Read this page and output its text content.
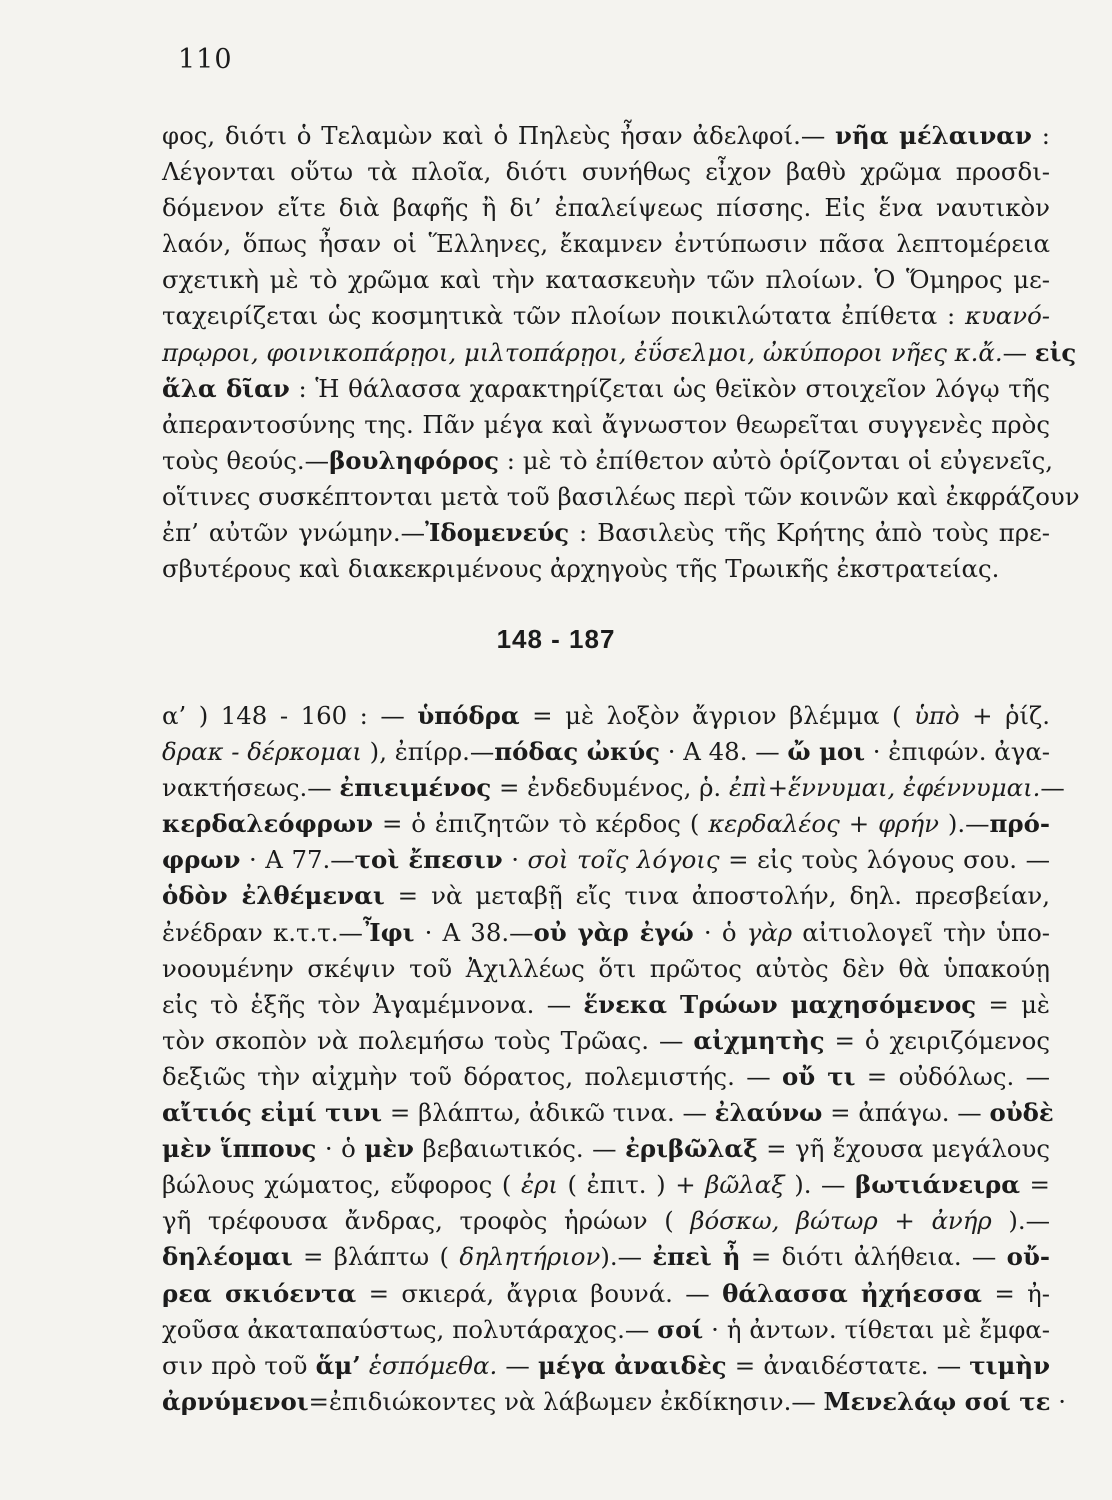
110
φος, διότι ὁ Τελαμὼν καὶ ὁ Πηλεὺς ἦσαν ἀδελφοί.— νῆα μέλαιναν :
Λέγονται οὕτω τὰ πλοῖα, διότι συνήθως εἶχον βαθὺ χρῶμα προσδι-
δόμενον εἴτε διὰ βαφῆς ἢ δι’ ἐπαλείψεως πίσσης. Εἰς ἕνα ναυτικὸν
λαόν, ὅπως ἦσαν οἱ Ἕλληνες, ἔκαμνεν ἐντύπωσιν πᾶσα λεπτομέρεια
σχετικὴ μὲ τὸ χρῶμα καὶ τὴν κατασκευὴν τῶν πλοίων. Ὁ Ὅμηρος με-
ταχειρίζεται ὡς κοσμητικὰ τῶν πλοίων ποικιλώτατα ἐπίθετα : κυανό-
πρῳροι, φοινικοπάρῃοι, μιλτοπάρῃοι, ἐΰσελμοι, ὠκύποροι νῆες κ.ἄ.— εἰς
ἅλα δῖαν : Ἡ θάλασσα χαρακτηρίζεται ὡς θεϊκὸν στοιχεῖον λόγῳ τῆς
ἀπεραντοσύνης της. Πᾶν μέγα καὶ ἄγνωστον θεωρεῖται συγγενὲς πρὸς
τοὺς θεούς.—βουληφόρος : μὲ τὸ ἐπίθετον αὐτὸ ὁρίζονται οἱ εὐγενεῖς,
οἵτινες συσκέπτονται μετὰ τοῦ βασιλέως περὶ τῶν κοινῶν καὶ ἐκφράζουν
ἐπ’ αὐτῶν γνώμην.—Ἰδομενεύς : Βασιλεὺς τῆς Κρήτης ἀπὸ τοὺς πρε-
σβυτέρους καὶ διακεκριμένους ἀρχηγοὺς τῆς Τρωικῆς ἐκστρατείας.
148 - 187
α’ ) 148 - 160 : — ὑπόδρα = μὲ λοξὸν ἄγριον βλέμμα ( ὑπὸ + ῥίζ.
δρακ - δέρκομαι ), ἐπίρρ.—πόδας ὠκύς · Α 48. — ὤ μοι · ἐπιφών. ἀγα-
νακτήσεως.— ἐπιειμένος = ἐνδεδυμένος, ῥ. ἐπὶ+ἕννυμαι, ἐφέννυμαι.—
κερδαλεόφρων = ὁ ἐπιζητῶν τὸ κέρδος ( κερδαλέος + φρήν ).—πρό-
φρων · Α 77.—τοὶ ἔπεσιν · σοὶ τοῖς λόγοις = εἰς τοὺς λόγους σου. —
ὁδὸν ἐλθέμεναι = νὰ μεταβῇ εἴς τινα ἀποστολήν, δηλ. πρεσβείαν,
ἐνέδραν κ.τ.τ.—Ἶφι · Α 38.—οὐ γὰρ ἐγώ · ὁ γὰρ αἰτιολογεῖ τὴν ὑπο-
νοουμένην σκέψιν τοῦ Ἀχιλλέως ὅτι πρῶτος αὐτὸς δὲν θὰ ὑπακούῃ
εἰς τὸ ἑξῆς τὸν Ἀγαμέμνονα. — ἕνεκα Τρώων μαχησόμενος = μὲ
τὸν σκοπὸν νὰ πολεμήσω τοὺς Τρῶας. — αἰχμητὴς = ὁ χειριζόμενος
δεξιῶς τὴν αἰχμὴν τοῦ δόρατος, πολεμιστής. — οὔ τι = οὐδόλως. —
αἴτιός εἰμί τινι = βλάπτω, ἀδικῶ τινα. — ἐλαύνω = ἀπάγω. — οὐδὲ
μὲν ἵππους · ὁ μὲν βεβαιωτικός. — ἐριβῶλαξ = γῆ ἔχουσα μεγάλους
βώλους χώματος, εὔφορος ( ἐρι ( ἐπιτ. ) + βῶλαξ ). — βωτιάνειρα =
γῆ τρέφουσα ἄνδρας, τροφὸς ἡρώων ( βόσκω, βώτωρ + ἀνήρ ).—
δηλέομαι = βλάπτω ( δηλητήριον).— ἐπεὶ ἦ = διότι ἀλήθεια. — οὔ-
ρεα σκιόεντα = σκιερά, ἄγρια βουνά. — θάλασσα ἠχήεσσα = ἠ-
χοῦσα ἀκαταπαύστως, πολυτάραχος.— σοί · ἡ ἀντων. τίθεται μὲ ἔμφα-
σιν πρὸ τοῦ ἅμ’ ἑσπόμεθα. — μέγα ἀναιδὲς = ἀναιδέστατε. — τιμὴν
ἀρνύμενοι=ἐπιδιώκοντες νὰ λάβωμεν ἐκδίκησιν.— Μενελάῳ σοί τε ·
